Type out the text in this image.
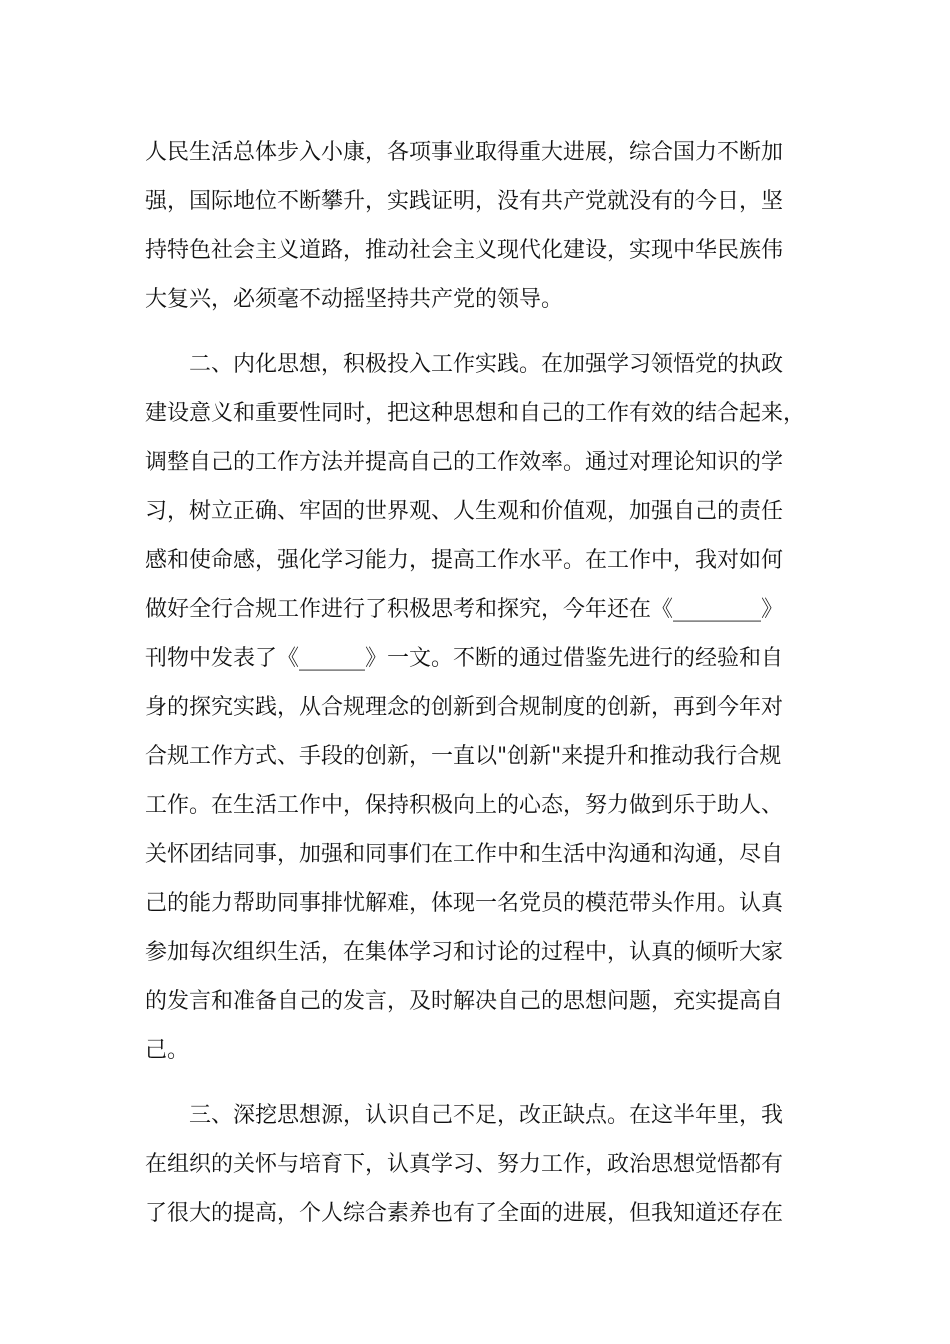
人民生活总体步入小康，各项事业取得重大进展，综合国力不断加
强，国际地位不断攀升，实践证明，没有共产党就没有的今日，坚
持特色社会主义道路，推动社会主义现代化建设，实现中华民族伟
大复兴，必须毫不动摇坚持共产党的领导。
　　二、内化思想，积极投入工作实践。在加强学习领悟党的执政
建设意义和重要性同时，把这种思想和自己的工作有效的结合起来，
调整自己的工作方法并提高自己的工作效率。通过对理论知识的学
习，树立正确、牢固的世界观、人生观和价值观，加强自己的责任
感和使命感，强化学习能力，提高工作水平。在工作中，我对如何
做好全行合规工作进行了积极思考和探究，今年还在《________》
刊物中发表了《______》一文。不断的通过借鉴先进行的经验和自
身的探究实践，从合规理念的创新到合规制度的创新，再到今年对
合规工作方式、手段的创新，一直以"创新"来提升和推动我行合规
工作。在生活工作中，保持积极向上的心态，努力做到乐于助人、
关怀团结同事，加强和同事们在工作中和生活中沟通和沟通，尽自
己的能力帮助同事排忧解难，体现一名党员的模范带头作用。认真
参加每次组织生活，在集体学习和讨论的过程中，认真的倾听大家
的发言和准备自己的发言，及时解决自己的思想问题，充实提高自
己。
　　三、深挖思想源，认识自己不足，改正缺点。在这半年里，我
在组织的关怀与培育下，认真学习、努力工作，政治思想觉悟都有
了很大的提高，个人综合素养也有了全面的进展，但我知道还存在
